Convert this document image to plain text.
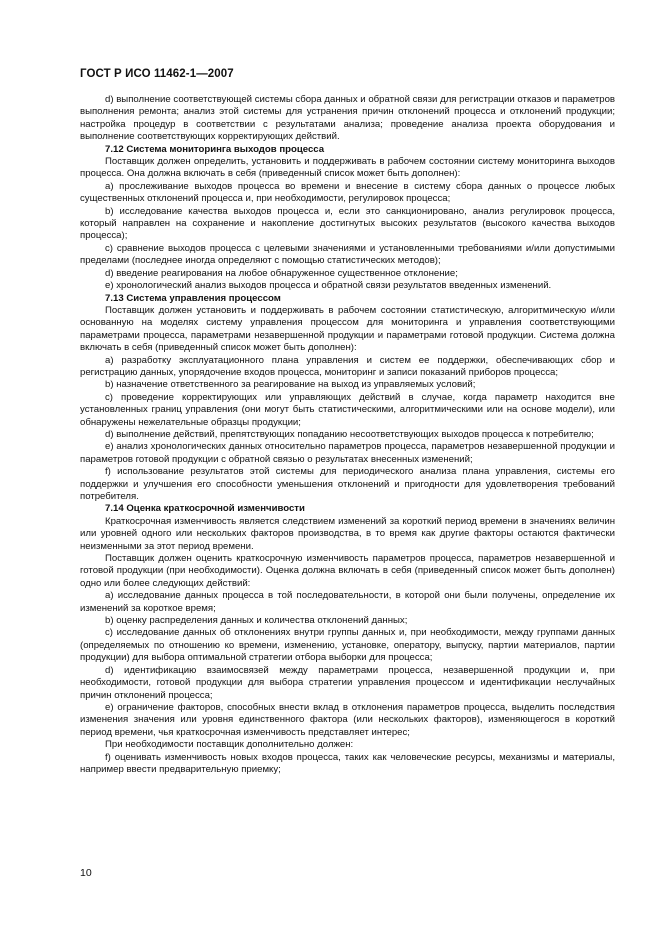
ГОСТ Р ИСО 11462-1—2007

d) выполнение соответствующей системы сбора данных и обратной связи для регистрации отказов и параметров выполнения ремонта; анализ этой системы для устранения причин отклонений процесса и отклонений продукции; настройка процедур в соответствии с результатами анализа; проведение анализа проекта оборудования и выполнение соответствующих корректирующих действий.

7.12 Система мониторинга выходов процесса

Поставщик должен определить, установить и поддерживать в рабочем состоянии систему мониторинга выходов процесса. Она должна включать в себя (приведенный список может быть дополнен):

a) прослеживание выходов процесса во времени и внесение в систему сбора данных о процессе любых существенных отклонений процесса и, при необходимости, регулировок процесса;

b) исследование качества выходов процесса и, если это санкционировано, анализ регулировок процесса, который направлен на сохранение и накопление достигнутых высоких результатов (высокого качества выходов процесса);

c) сравнение выходов процесса с целевыми значениями и установленными требованиями и/или допустимыми пределами (последнее иногда определяют с помощью статистических методов);

d) введение реагирования на любое обнаруженное существенное отклонение;

e) хронологический анализ выходов процесса и обратной связи результатов введенных изменений.

7.13 Система управления процессом

Поставщик должен установить и поддерживать в рабочем состоянии статистическую, алгоритмическую и/или основанную на моделях систему управления процессом для мониторинга и управления соответствующими параметрами процесса, параметрами незавершенной продукции и параметрами готовой продукции. Система должна включать в себя (приведенный список может быть дополнен):

a) разработку эксплуатационного плана управления и систем ее поддержки, обеспечивающих сбор и регистрацию данных, упорядочение входов процесса, мониторинг и записи показаний приборов процесса;

b) назначение ответственного за реагирование на выход из управляемых условий;

c) проведение корректирующих или управляющих действий в случае, когда параметр находится вне установленных границ управления (они могут быть статистическими, алгоритмическими или на основе модели), или обнаружены нежелательные образцы продукции;

d) выполнение действий, препятствующих попаданию несоответствующих выходов процесса к потребителю;

e) анализ хронологических данных относительно параметров процесса, параметров незавершенной продукции и параметров готовой продукции с обратной связью о результатах внесенных изменений;

f) использование результатов этой системы для периодического анализа плана управления, системы его поддержки и улучшения его способности уменьшения отклонений и пригодности для удовлетворения требований потребителя.

7.14 Оценка краткосрочной изменчивости

Краткосрочная изменчивость является следствием изменений за короткий период времени в значениях величин или уровней одного или нескольких факторов производства, в то время как другие факторы остаются фактически неизменными за этот период времени.

Поставщик должен оценить краткосрочную изменчивость параметров процесса, параметров незавершенной и готовой продукции (при необходимости). Оценка должна включать в себя (приведенный список может быть дополнен) одно или более следующих действий:

a) исследование данных процесса в той последовательности, в которой они были получены, определение их изменений за короткое время;

b) оценку распределения данных и количества отклонений данных;

c) исследование данных об отклонениях внутри группы данных и, при необходимости, между группами данных (определяемых по отношению ко времени, изменению, установке, оператору, выпуску, партии материалов, партии продукции) для выбора оптимальной стратегии отбора выборки для процесса;

d) идентификацию взаимосвязей между параметрами процесса, незавершенной продукции и, при необходимости, готовой продукции для выбора стратегии управления процессом и идентификации неслучайных причин отклонений процесса;

e) ограничение факторов, способных внести вклад в отклонения параметров процесса, выделить последствия изменения значения или уровня единственного фактора (или нескольких факторов), изменяющегося в короткий период времени, чья краткосрочная изменчивость представляет интерес;

При необходимости поставщик дополнительно должен:

f) оценивать изменчивость новых входов процесса, таких как человеческие ресурсы, механизмы и материалы, например ввести предварительную приемку;

10
